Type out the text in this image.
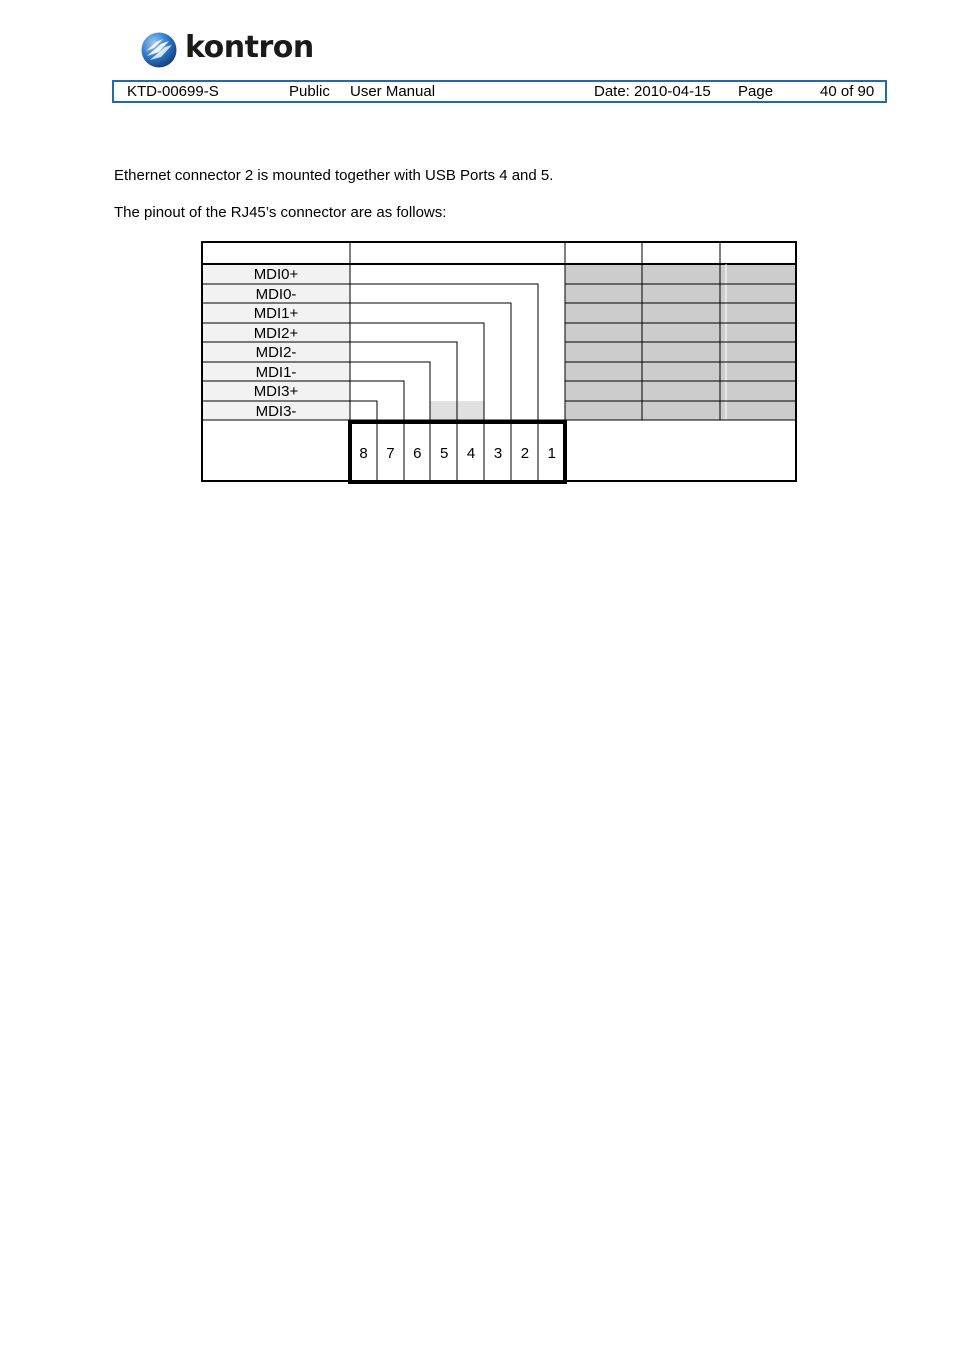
kontron
KTD-00699-S	Public User Manual	Date: 2010-04-15 Page	40 of 90
Ethernet connector 2 is mounted together with USB Ports 4 and 5.
The pinout of the RJ45’s connector are as follows:
MDI0+
MDI0-
MDI1+
MDI2+
MDI2-
MDI1-
MDI3+
MDI3-
8 7 6 5 4 3 2 1
